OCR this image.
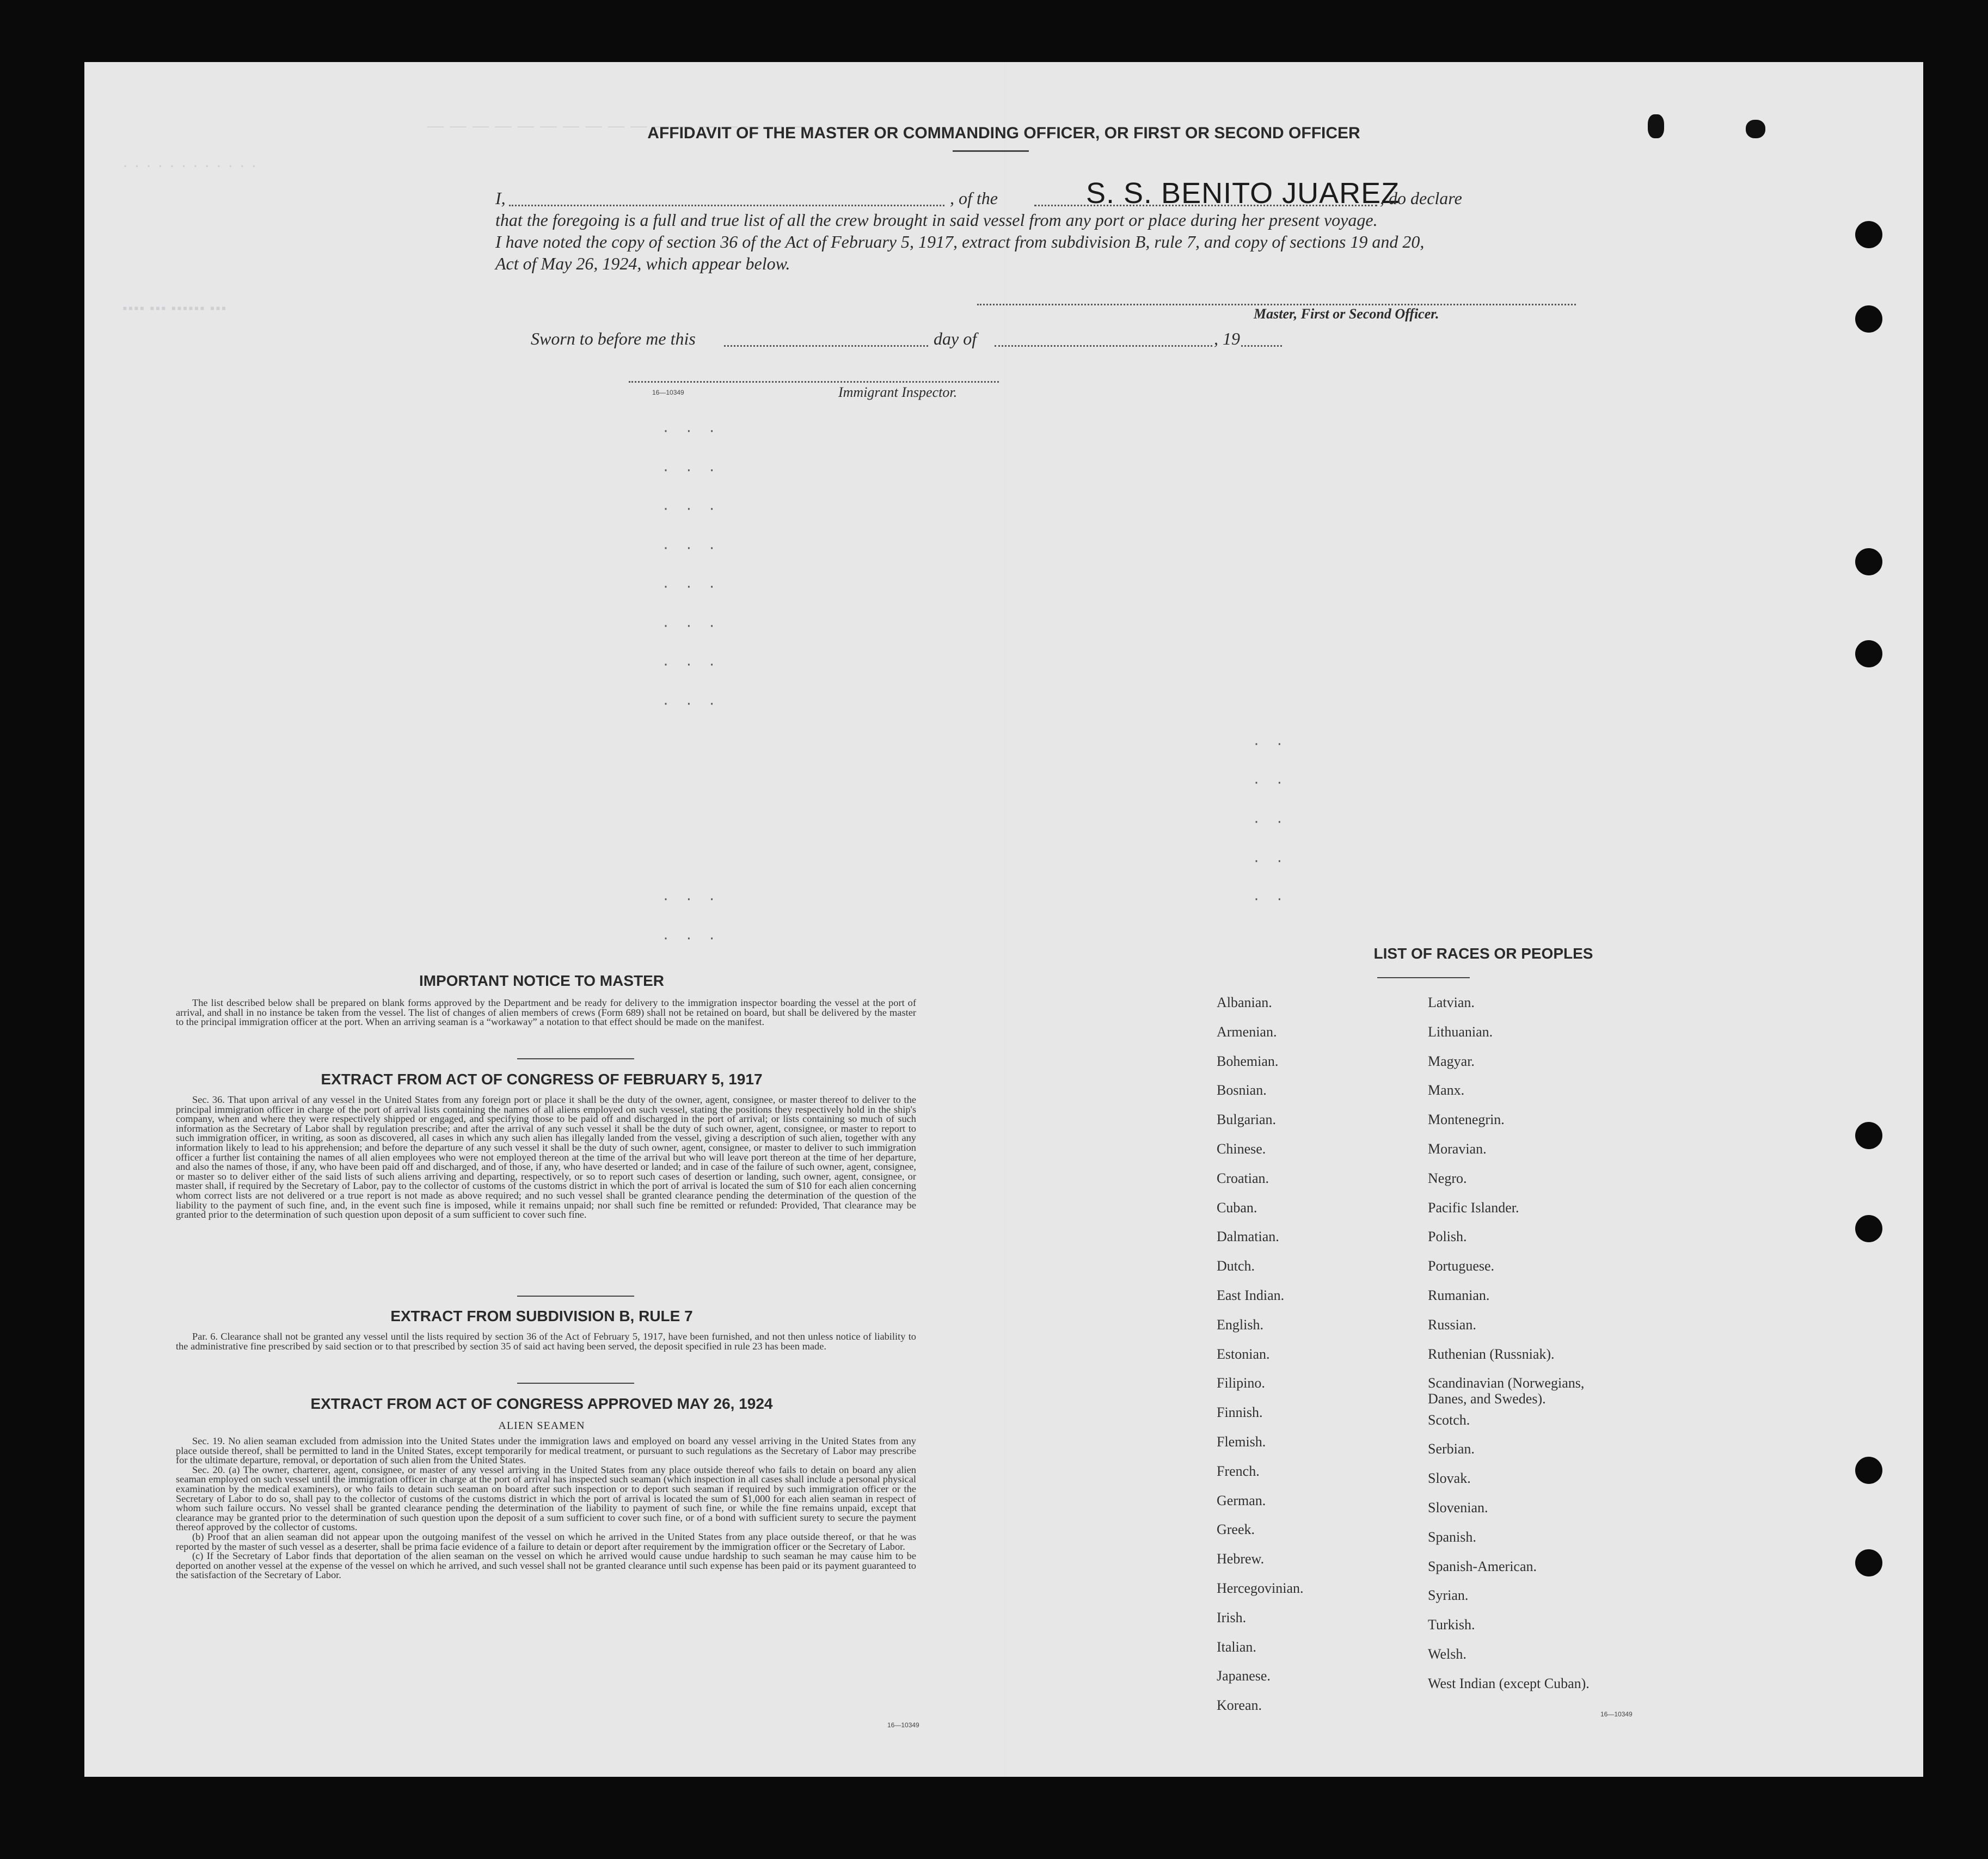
— — — — — — — — — — — — — — — — —
· · · · · · · · · · · ·
▪▪▪▪ ▪▪▪ ▪▪▪▪▪▪ ▪▪▪
AFFIDAVIT OF THE MASTER OR COMMANDING OFFICER, OR FIRST OR SECOND OFFICER
I,	, of the	S. S. BENITO JUAREZ
, do declare
that the foregoing is a full and true list of all the crew brought in said vessel from any port or place during her present voyage.
I have noted the copy of section 36 of the Act of February 5, 1917, extract from subdivision B, rule 7, and copy of sections 19 and 20,
Act of May 26, 1924, which appear below.
Master, First or Second Officer.
Sworn to before me this	day of	, 19
16—10349	Immigrant Inspector.
· · ·
· · ·
· · ·
· · ·
· · ·
· · ·
· · ·
· · ·
· · ·
· · ·
· ·
· ·
· ·
· ·
· ·
IMPORTANT NOTICE TO MASTER

The list described below shall be prepared on blank forms approved by the Department and be ready for delivery to the immigration inspector boarding the vessel at the port of arrival, and shall in no instance be taken from the vessel. The list of changes of alien members of crews (Form 689) shall not be retained on board, but shall be delivered by the master to the principal immigration officer at the port. When an arriving seaman is a “workaway” a notation to that effect should be made on the manifest.

EXTRACT FROM ACT OF CONGRESS OF FEBRUARY 5, 1917

Sec. 36. That upon arrival of any vessel in the United States from any foreign port or place it shall be the duty of the owner, agent, consignee, or master thereof to deliver to the principal immigration officer in charge of the port of arrival lists containing the names of all aliens employed on such vessel, stating the positions they respectively hold in the ship's company, when and where they were respectively shipped or engaged, and specifying those to be paid off and discharged in the port of arrival; or lists containing so much of such information as the Secretary of Labor shall by regulation prescribe; and after the arrival of any such vessel it shall be the duty of such owner, agent, consignee, or master to report to such immigration officer, in writing, as soon as discovered, all cases in which any such alien has illegally landed from the vessel, giving a description of such alien, together with any information likely to lead to his apprehension; and before the departure of any such vessel it shall be the duty of such owner, agent, consignee, or master to deliver to such immigration officer a further list containing the names of all alien employees who were not employed thereon at the time of the arrival but who will leave port thereon at the time of her departure, and also the names of those, if any, who have been paid off and discharged, and of those, if any, who have deserted or landed; and in case of the failure of such owner, agent, consignee, or master so to deliver either of the said lists of such aliens arriving and departing, respectively, or so to report such cases of desertion or landing, such owner, agent, consignee, or master shall, if required by the Secretary of Labor, pay to the collector of customs of the customs district in which the port of arrival is located the sum of $10 for each alien concerning whom correct lists are not delivered or a true report is not made as above required; and no such vessel shall be granted clearance pending the determination of the question of the liability to the payment of such fine, and, in the event such fine is imposed, while it remains unpaid; nor shall such fine be remitted or refunded: Provided, That clearance may be granted prior to the determination of such question upon deposit of a sum sufficient to cover such fine.

EXTRACT FROM SUBDIVISION B, RULE 7

Par. 6. Clearance shall not be granted any vessel until the lists required by section 36 of the Act of February 5, 1917, have been furnished, and not then unless notice of liability to the administrative fine prescribed by said section or to that prescribed by section 35 of said act having been served, the deposit specified in rule 23 has been made.

EXTRACT FROM ACT OF CONGRESS APPROVED MAY 26, 1924
ALIEN SEAMEN

Sec. 19. No alien seaman excluded from admission into the United States under the immigration laws and employed on board any vessel arriving in the United States from any place outside thereof, shall be permitted to land in the United States, except temporarily for medical treatment, or pursuant to such regulations as the Secretary of Labor may prescribe for the ultimate departure, removal, or deportation of such alien from the United States.

Sec. 20. (a) The owner, charterer, agent, consignee, or master of any vessel arriving in the United States from any place outside thereof who fails to detain on board any alien seaman employed on such vessel until the immigration officer in charge at the port of arrival has inspected such seaman (which inspection in all cases shall include a personal physical examination by the medical examiners), or who fails to detain such seaman on board after such inspection or to deport such seaman if required by such immigration officer or the Secretary of Labor to do so, shall pay to the collector of customs of the customs district in which the port of arrival is located the sum of $1,000 for each alien seaman in respect of whom such failure occurs. No vessel shall be granted clearance pending the determination of the liability to payment of such fine, or while the fine remains unpaid, except that clearance may be granted prior to the determination of such question upon the deposit of a sum sufficient to cover such fine, or of a bond with sufficient surety to secure the payment thereof approved by the collector of customs.

(b) Proof that an alien seaman did not appear upon the outgoing manifest of the vessel on which he arrived in the United States from any place outside thereof, or that he was reported by the master of such vessel as a deserter, shall be prima facie evidence of a failure to detain or deport after requirement by the immigration officer or the Secretary of Labor.

(c) If the Secretary of Labor finds that deportation of the alien seaman on the vessel on which he arrived would cause undue hardship to such seaman he may cause him to be deported on another vessel at the expense of the vessel on which he arrived, and such vessel shall not be granted clearance until such expense has been paid or its payment guaranteed to the satisfaction of the Secretary of Labor.

16—10349
LIST OF RACES OR PEOPLES
16—10349
Albanian.
Armenian.
Bohemian.
Bosnian.
Bulgarian.
Chinese.
Croatian.
Cuban.
Dalmatian.
Dutch.
East Indian.
English.
Estonian.
Filipino.
Finnish.
Flemish.
French.
German.
Greek.
Hebrew.
Hercegovinian.
Irish.
Italian.
Japanese.
Korean.
Latvian.
Lithuanian.
Magyar.
Manx.
Montenegrin.
Moravian.
Negro.
Pacific Islander.
Polish.
Portuguese.
Rumanian.
Russian.
Ruthenian (Russniak).
Scandinavian (Norwegians,
Danes, and Swedes).
Scotch.
Serbian.
Slovak.
Slovenian.
Spanish.
Spanish-American.
Syrian.
Turkish.
Welsh.
West Indian (except Cuban).
